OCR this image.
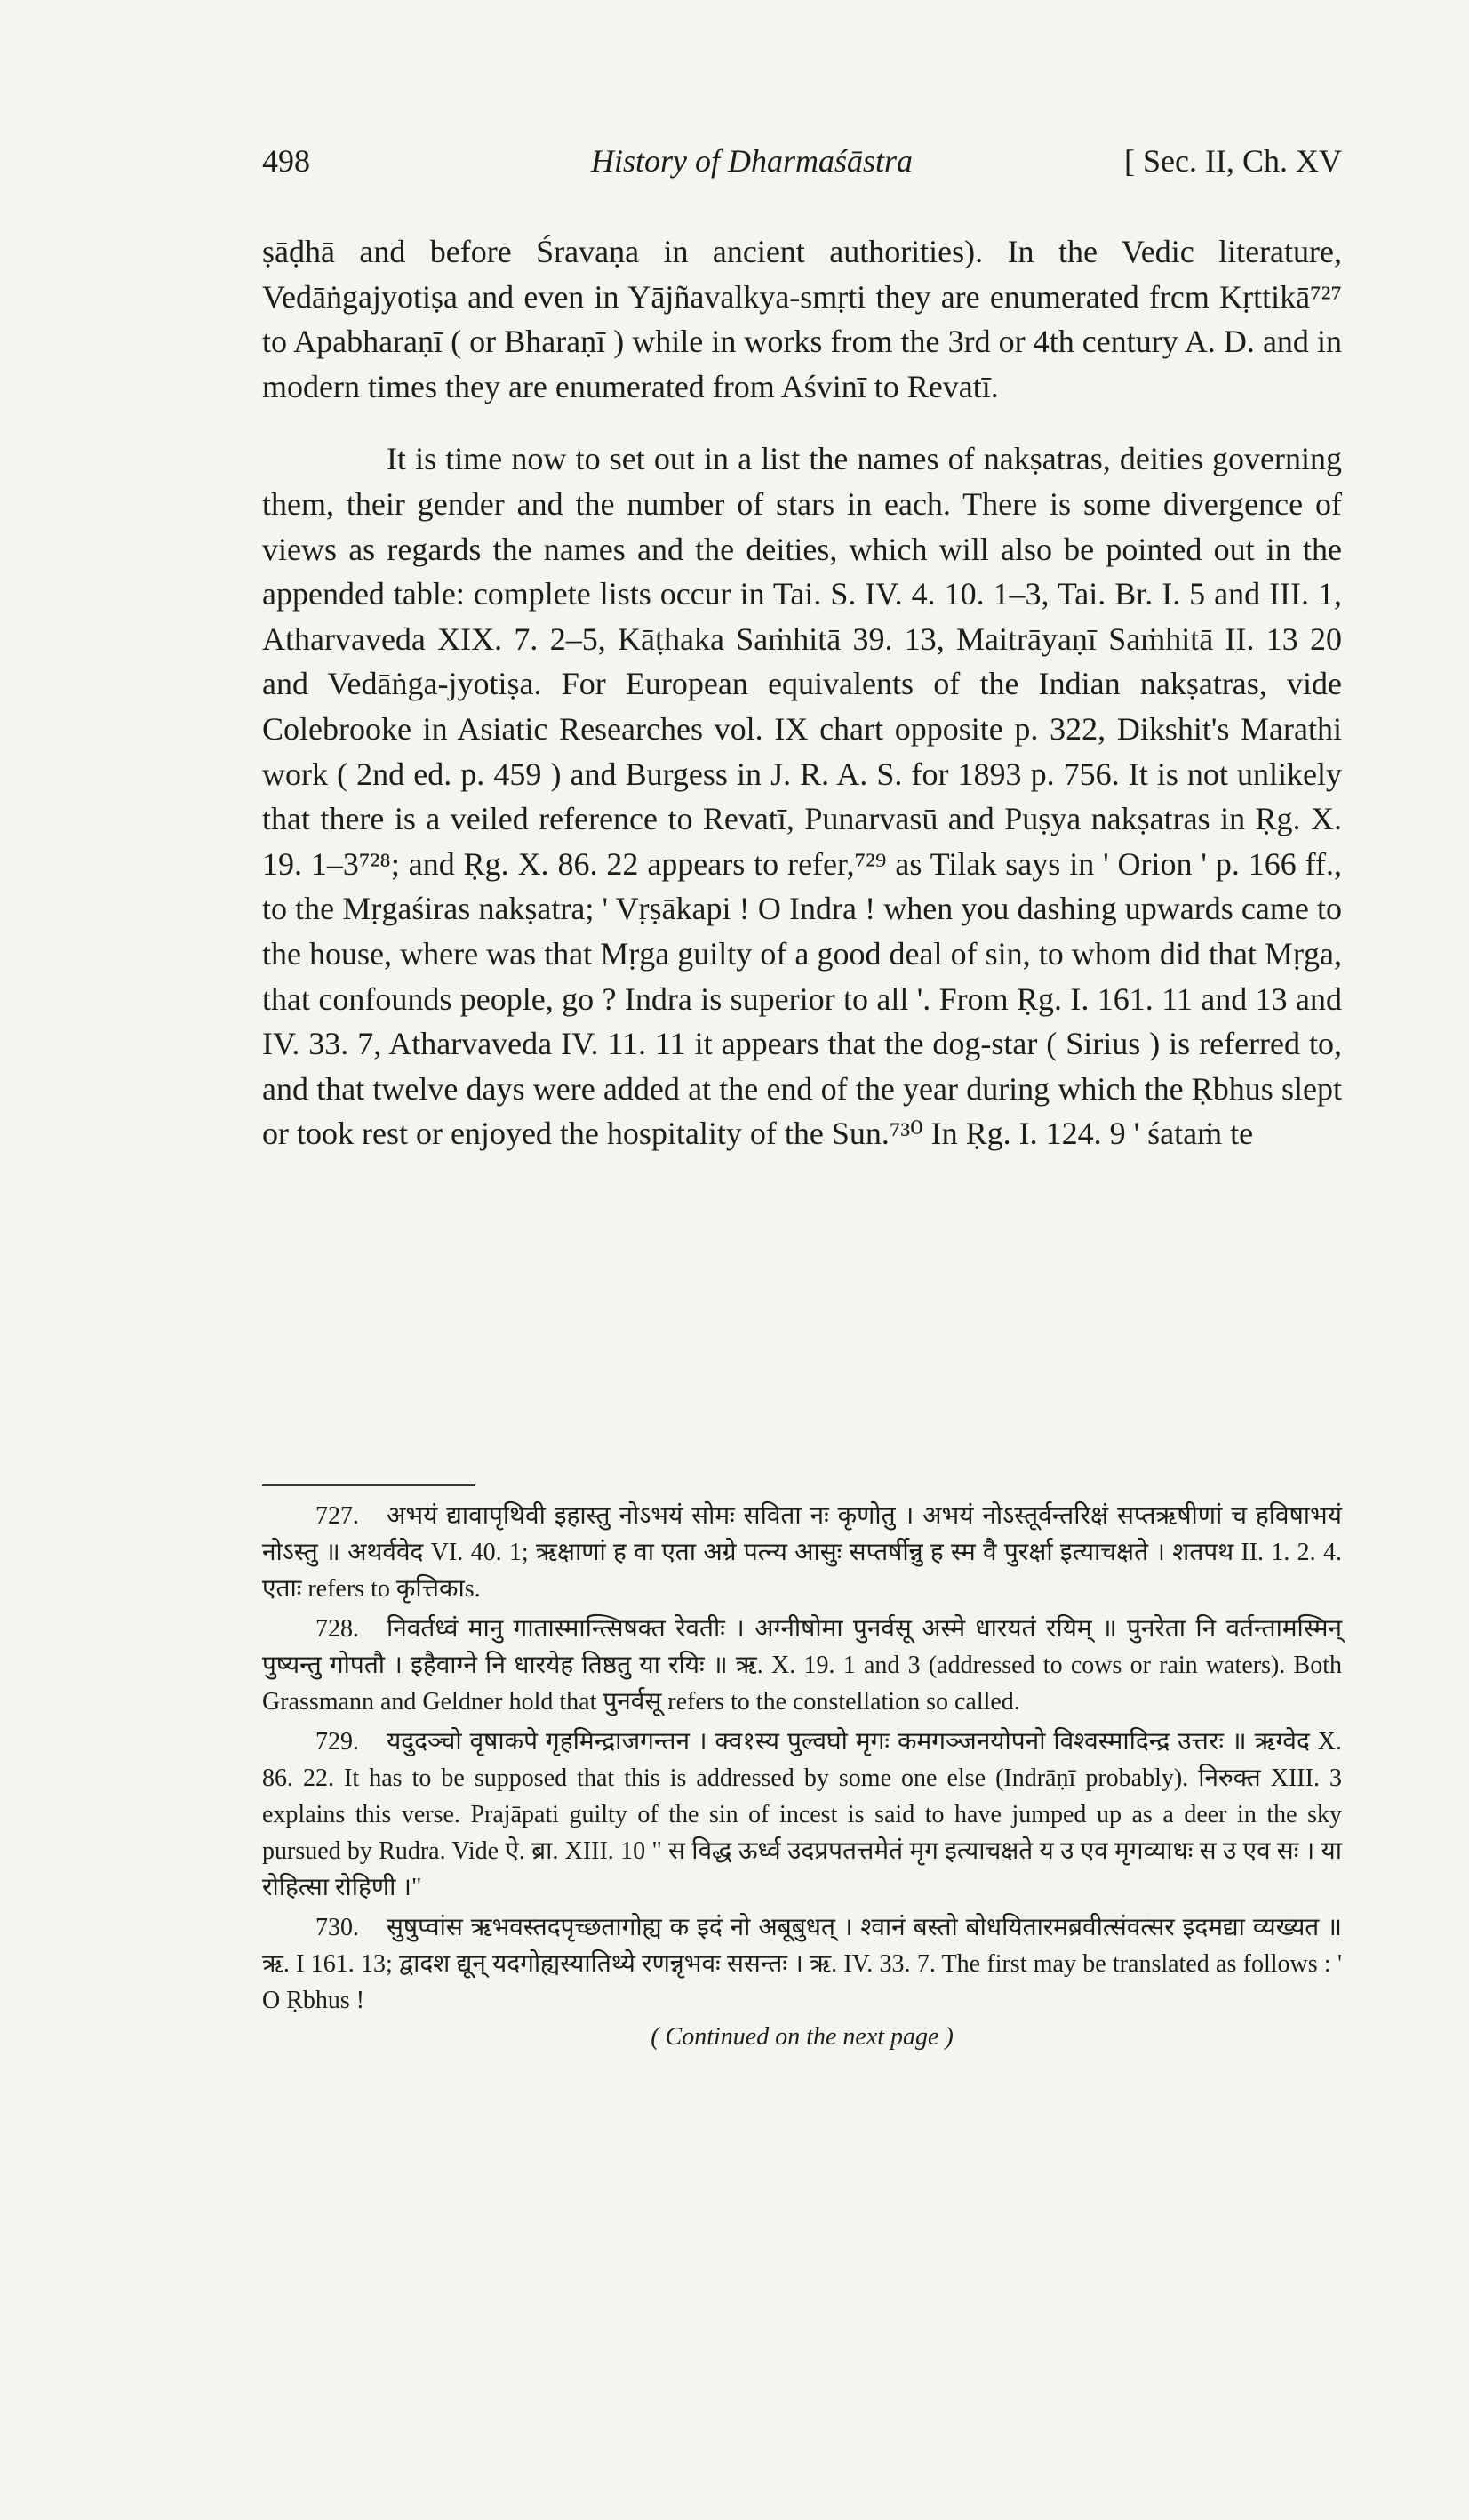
498	History of Dharmaśāstra	[ Sec. II, Ch. XV

ṣāḍhā and before Śravaṇa in ancient authorities). In the Vedic literature, Vedāṅgajyotiṣa and even in Yājñavalkya-smṛti they are enumerated frcm Kṛttikā⁷²⁷ to Apabharaṇī ( or Bharaṇī ) while in works from the 3rd or 4th century A. D. and in modern times they are enumerated from Aśvinī to Revatī.

It is time now to set out in a list the names of nakṣatras, deities governing them, their gender and the number of stars in each. There is some divergence of views as regards the names and the deities, which will also be pointed out in the appended table: complete lists occur in Tai. S. IV. 4. 10. 1–3, Tai. Br. I. 5 and III. 1, Atharvaveda XIX. 7. 2–5, Kāṭhaka Saṁhitā 39. 13, Maitrāyaṇī Saṁhitā II. 13 20 and Vedāṅga-jyotiṣa. For European equivalents of the Indian nakṣatras, vide Colebrooke in Asiatic Researches vol. IX chart opposite p. 322, Dikshit's Marathi work ( 2nd ed. p. 459 ) and Burgess in J. R. A. S. for 1893 p. 756. It is not unlikely that there is a veiled reference to Revatī, Punarvasū and Puṣya nakṣatras in Ṛg. X. 19. 1–3⁷²⁸; and Ṛg. X. 86. 22 appears to refer,⁷²⁹ as Tilak says in ' Orion ' p. 166 ff., to the Mṛgaśiras nakṣatra; ' Vṛṣākapi ! O Indra ! when you dashing upwards came to the house, where was that Mṛga guilty of a good deal of sin, to whom did that Mṛga, that confounds people, go ? Indra is superior to all '. From Ṛg. I. 161. 11 and 13 and IV. 33. 7, Atharvaveda IV. 11. 11 it appears that the dog-star ( Sirius ) is referred to, and that twelve days were added at the end of the year during which the Ṛbhus slept or took rest or enjoyed the hospitality of the Sun.⁷³⁰ In Ṛg. I. 124. 9 ' śataṁ te

727. अभयं द्यावापृथिवी इहास्तु नोऽभयं सोमः सविता नः कृणोतु । अभयं नोऽस्तूर्वन्तरिक्षं सप्तऋषीणां च हविषाभयं नोऽस्तु ॥ अथर्ववेद VI. 40. 1; ऋक्षाणां ह वा एता अग्रे पत्न्य आसुः सप्तर्षीन्नु ह स्म वै पुरर्क्षा इत्याचक्षते । शतपथ II. 1. 2. 4. एताः refers to कृत्तिकाs.

728. निवर्तध्वं मानु गातास्मान्त्सिषक्त रेवतीः । अग्नीषोमा पुनर्वसू अस्मे धारयतं रयिम् ॥ पुनरेता नि वर्तन्तामस्मिन् पुष्यन्तु गोपतौ । इहैवाग्ने नि धारयेह तिष्ठतु या रयिः ॥ ऋ. X. 19. 1 and 3 (addressed to cows or rain waters). Both Grassmann and Geldner hold that पुनर्वसू refers to the constellation so called.

729. यदुदञ्चो वृषाकपे गृहमिन्द्राजगन्तन । क्व१स्य पुल्वघो मृगः कमगञ्जनयोपनो विश्वस्मादिन्द्र उत्तरः ॥ ऋग्वेद X. 86. 22. It has to be supposed that this is addressed by some one else (Indrāṇī probably). निरुक्त XIII. 3 explains this verse. Prajāpati guilty of the sin of incest is said to have jumped up as a deer in the sky pursued by Rudra. Vide ऐ. ब्रा. XIII. 10 " स विद्ध ऊर्ध्व उदप्रपतत्तमेतं मृग इत्याचक्षते य उ एव मृगव्याधः स उ एव सः । या रोहित्सा रोहिणी ।"

730. सुषुप्वांस ऋभवस्तदपृच्छतागोह्य क इदं नो अबूबुधत् । श्वानं बस्तो बोधयितारमब्रवीत्संवत्सर इदमद्या व्यख्यत ॥ ऋ. I 161. 13; द्वादश द्यून् यदगोह्यस्यातिथ्ये रणन्नृभवः ससन्तः । ऋ. IV. 33. 7. The first may be translated as follows : ' O Ṛbhus !

( Continued on the next page )
